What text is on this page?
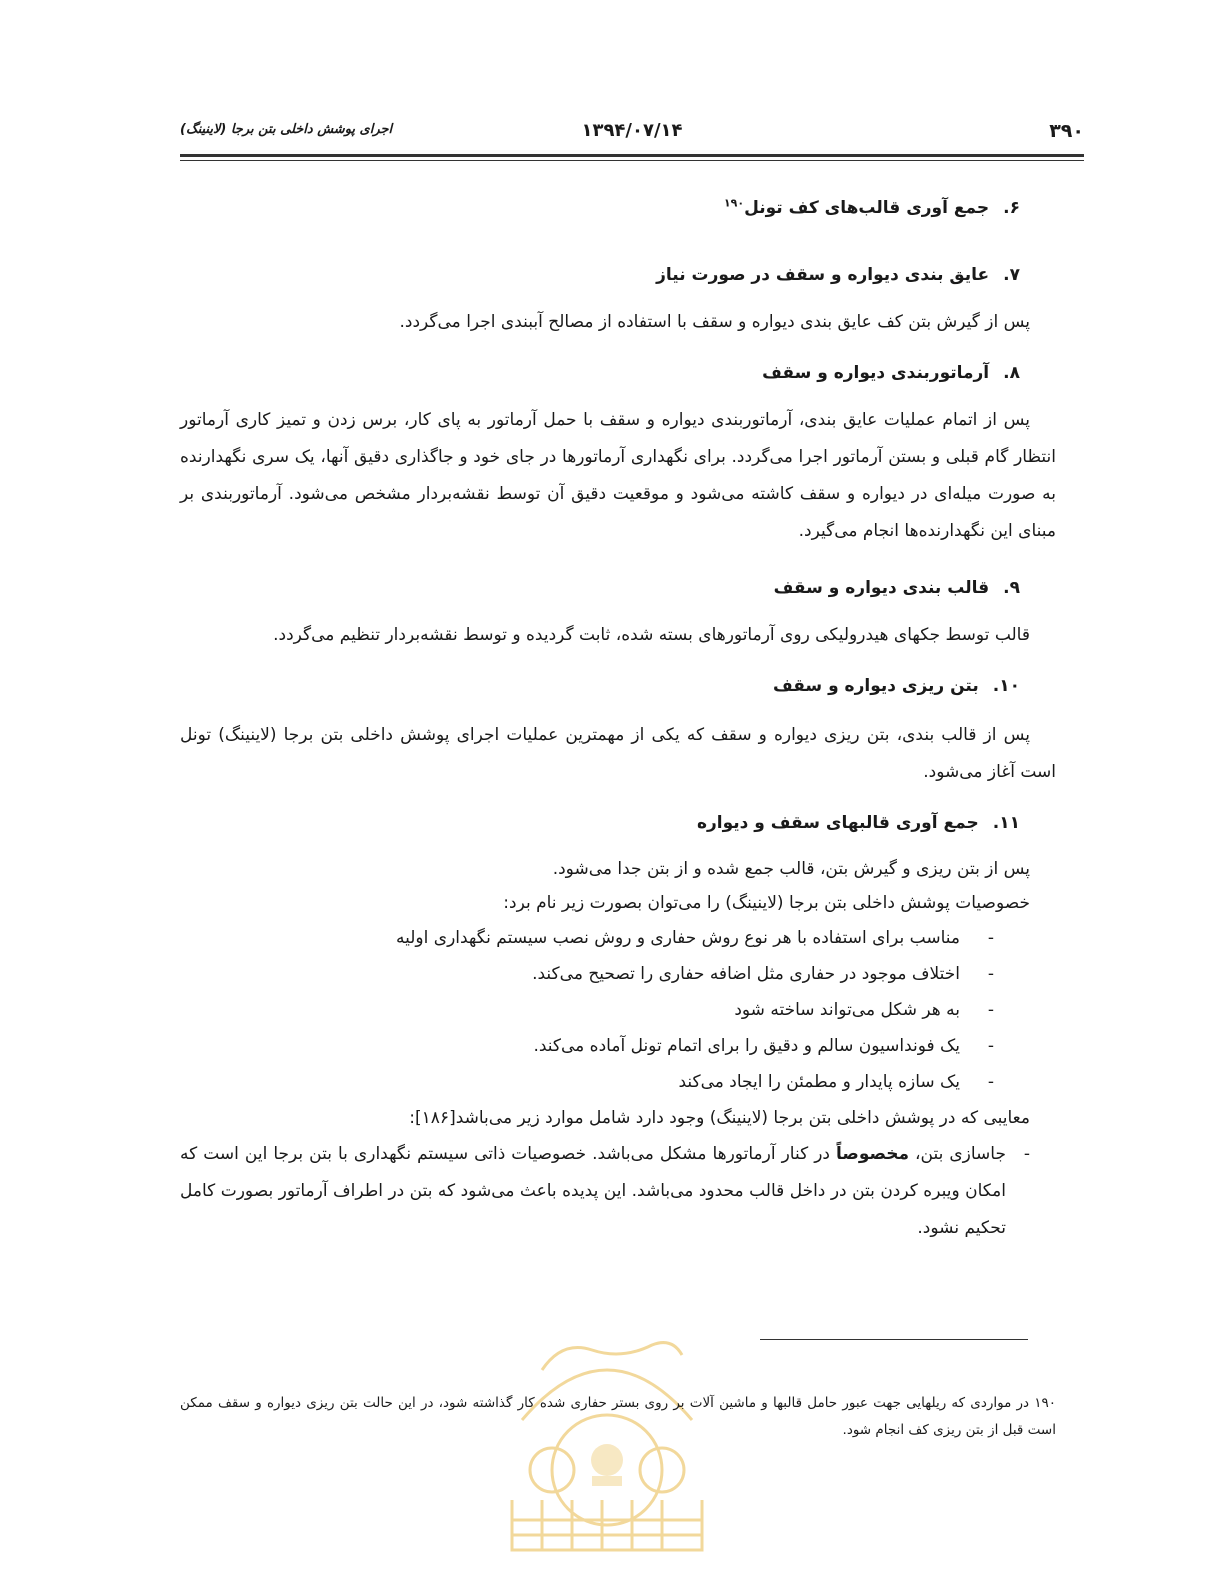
۳۹۰
۱۳۹۴/۰۷/۱۴
اجرای پوشش داخلی بتن برجا (لاینینگ)
۶.جمع آوری قالب‌های کف تونل$^{۱۹۰}$
۷.عایق بندی دیواره و سقف در صورت نیاز

پس از گیرش بتن کف عایق بندی دیواره و سقف با استفاده از مصالح آببندی اجرا می‌گردد.

۸.آرماتوربندی دیواره و سقف

پس از اتمام عملیات عایق بندی، آرماتوربندی دیواره و سقف با حمل آرماتور به پای کار، برس زدن و تمیز کاری آرماتور انتظار گام قبلی و بستن آرماتور اجرا می‌گردد. برای نگهداری آرماتورها در جای خود و جاگذاری دقیق آنها، یک سری نگهدارنده به صورت میله‌ای در دیواره و سقف کاشته می‌شود و موقعیت دقیق آن توسط نقشه‌بردار مشخص می‌شود. آرماتوربندی بر مبنای این نگهدارنده‌ها انجام می‌گیرد.

۹.قالب بندی دیواره و سقف

قالب توسط جکهای هیدرولیکی روی آرماتورهای بسته شده، ثابت گردیده و توسط نقشه‌بردار تنظیم می‌گردد.

۱۰.بتن ریزی دیواره و سقف

پس از قالب بندی، بتن ریزی دیواره و سقف که یکی از مهمترین عملیات اجرای پوشش داخلی بتن برجا (لاینینگ) تونل است آغاز می‌شود.

۱۱.جمع آوری قالبهای سقف و دیواره

پس از بتن ریزی و گیرش بتن، قالب جمع شده و از بتن جدا می‌شود.

خصوصیات پوشش داخلی بتن برجا (لاینینگ) را می‌توان بصورت زیر نام برد:

-
مناسب برای استفاده با هر نوع روش حفاری و روش نصب سیستم نگهداری اولیه
-
اختلاف موجود در حفاری مثل اضافه حفاری را تصحیح می‌کند.
-
به هر شکل می‌تواند ساخته شود
-
یک فونداسیون سالم و دقیق را برای اتمام تونل آماده می‌کند.
-
یک سازه پایدار و مطمئن را ایجاد می‌کند

معایبی که در پوشش داخلی بتن برجا (لاینینگ) وجود دارد شامل موارد زیر می‌باشد[۱۸۶]:

-
جاسازی بتن، مخصوصاً در کنار آرماتورها مشکل می‌باشد. خصوصیات ذاتی سیستم نگهداری با بتن برجا این است که امکان ویبره کردن بتن در داخل قالب محدود می‌باشد. این پدیده باعث می‌شود که بتن در اطراف آرماتور بصورت کامل تحکیم نشود.
۱۹۰ در مواردی که ریلهایی جهت عبور حامل قالبها و ماشین آلات بر روی بستر حفاری شده کار گذاشته شود، در این حالت بتن ریزی دیواره و سقف ممکن است قبل از بتن ریزی کف انجام شود.
